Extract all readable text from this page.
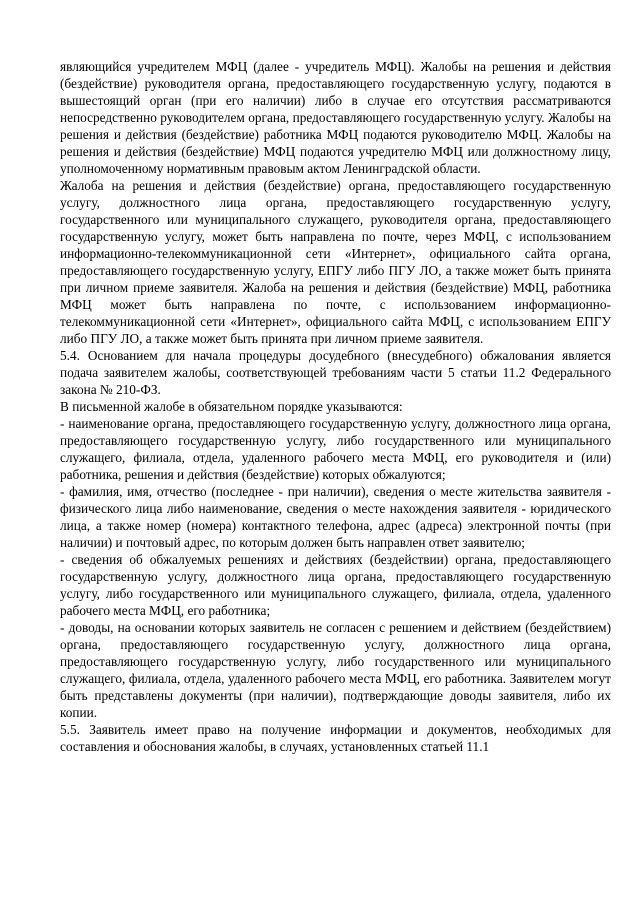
являющийся учредителем МФЦ (далее - учредитель МФЦ). Жалобы на решения и действия (бездействие) руководителя органа, предоставляющего государственную услугу, подаются в вышестоящий орган (при его наличии) либо в случае его отсутствия рассматриваются непосредственно руководителем органа, предоставляющего государственную услугу. Жалобы на решения и действия (бездействие) работника МФЦ подаются руководителю МФЦ. Жалобы на решения и действия (бездействие) МФЦ подаются учредителю МФЦ или должностному лицу, уполномоченному нормативным правовым актом Ленинградской области.

Жалоба на решения и действия (бездействие) органа, предоставляющего государственную услугу, должностного лица органа, предоставляющего государственную услугу, государственного или муниципального служащего, руководителя органа, предоставляющего государственную услугу, может быть направлена по почте, через МФЦ, с использованием информационно-телекоммуникационной сети «Интернет», официального сайта органа, предоставляющего государственную услугу, ЕПГУ либо ПГУ ЛО, а также может быть принята при личном приеме заявителя. Жалоба на решения и действия (бездействие) МФЦ, работника МФЦ может быть направлена по почте, с использованием информационно-телекоммуникационной сети «Интернет», официального сайта МФЦ, с использованием ЕПГУ либо ПГУ ЛО, а также может быть принята при личном приеме заявителя.

5.4. Основанием для начала процедуры досудебного (внесудебного) обжалования является подача заявителем жалобы, соответствующей требованиям части 5 статьи 11.2 Федерального закона № 210-ФЗ.

В письменной жалобе в обязательном порядке указываются:

- наименование органа, предоставляющего государственную услугу, должностного лица органа, предоставляющего государственную услугу, либо государственного или муниципального служащего, филиала, отдела, удаленного рабочего места МФЦ, его руководителя и (или) работника, решения и действия (бездействие) которых обжалуются;

- фамилия, имя, отчество (последнее - при наличии), сведения о месте жительства заявителя - физического лица либо наименование, сведения о месте нахождения заявителя - юридического лица, а также номер (номера) контактного телефона, адрес (адреса) электронной почты (при наличии) и почтовый адрес, по которым должен быть направлен ответ заявителю;

- сведения об обжалуемых решениях и действиях (бездействии) органа, предоставляющего государственную услугу, должностного лица органа, предоставляющего государственную услугу, либо государственного или муниципального служащего, филиала, отдела, удаленного рабочего места МФЦ, его работника;

- доводы, на основании которых заявитель не согласен с решением и действием (бездействием) органа, предоставляющего государственную услугу, должностного лица органа, предоставляющего государственную услугу, либо государственного или муниципального служащего, филиала, отдела, удаленного рабочего места МФЦ, его работника. Заявителем могут быть представлены документы (при наличии), подтверждающие доводы заявителя, либо их копии.

5.5. Заявитель имеет право на получение информации и документов, необходимых для составления и обоснования жалобы, в случаях, установленных статьей 11.1
